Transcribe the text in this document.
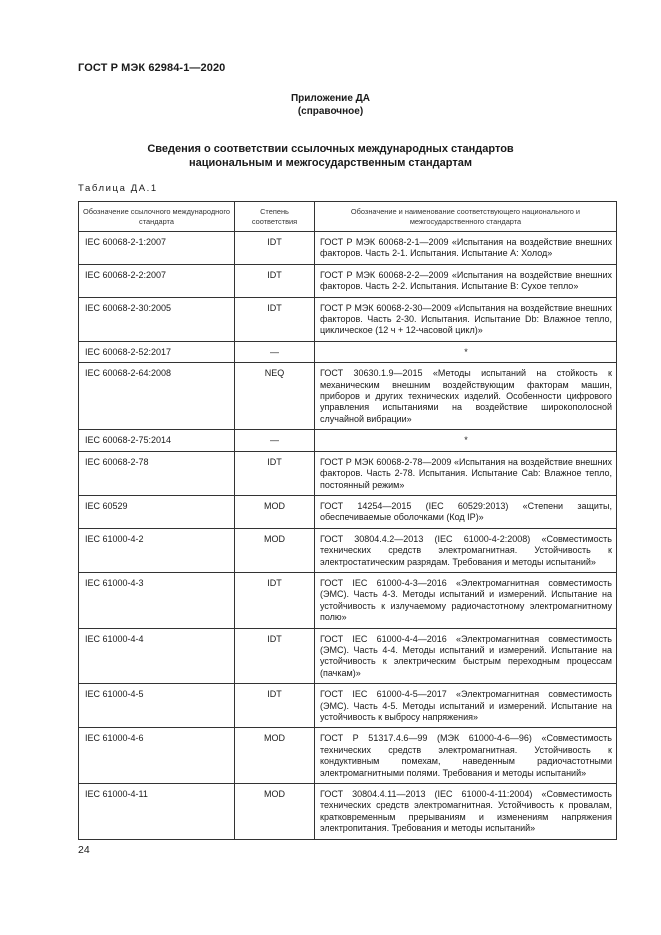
ГОСТ Р МЭК 62984-1—2020
Приложение ДА
(справочное)
Сведения о соответствии ссылочных международных стандартов
национальным и межгосударственным стандартам
Таблица ДА.1
Обозначение ссылочного международного стандарта	Степень соответствия	Обозначение и наименование соответствующего национального и межгосударственного стандарта
IEC 60068-2-1:2007	IDT	ГОСТ Р МЭК 60068-2-1—2009 «Испытания на воздействие внешних факторов. Часть 2-1. Испытания. Испытание A: Холод»
IEC 60068-2-2:2007	IDT	ГОСТ Р МЭК 60068-2-2—2009 «Испытания на воздействие внешних факторов. Часть 2-2. Испытания. Испытание B: Сухое тепло»
IEC 60068-2-30:2005	IDT	ГОСТ Р МЭК 60068-2-30—2009 «Испытания на воздействие внешних факторов. Часть 2-30. Испытания. Испытание Db: Влажное тепло, циклическое (12 ч + 12-часовой цикл)»
IEC 60068-2-52:2017	—	*
IEC 60068-2-64:2008	NEQ	ГОСТ 30630.1.9—2015 «Методы испытаний на стойкость к механическим внешним воздействующим факторам машин, приборов и других технических изделий. Особенности цифрового управления испытаниями на воздействие широкополосной случайной вибрации»
IEC 60068-2-75:2014	—	*
IEC 60068-2-78	IDT	ГОСТ Р МЭК 60068-2-78—2009 «Испытания на воздействие внешних факторов. Часть 2-78. Испытания. Испытание Cab: Влажное тепло, постоянный режим»
IEC 60529	MOD	ГОСТ 14254—2015 (IEC 60529:2013) «Степени защиты, обеспечиваемые оболочками (Код IP)»
IEC 61000-4-2	MOD	ГОСТ 30804.4.2—2013 (IEC 61000-4-2:2008) «Совместимость технических средств электромагнитная. Устойчивость к электростатическим разрядам. Требования и методы испытаний»
IEC 61000-4-3	IDT	ГОСТ IEC 61000-4-3—2016 «Электромагнитная совместимость (ЭМС). Часть 4-3. Методы испытаний и измерений. Испытание на устойчивость к излучаемому радиочастотному электромагнитному полю»
IEC 61000-4-4	IDT	ГОСТ IEC 61000-4-4—2016 «Электромагнитная совместимость (ЭМС). Часть 4-4. Методы испытаний и измерений. Испытание на устойчивость к электрическим быстрым переходным процессам (пачкам)»
IEC 61000-4-5	IDT	ГОСТ IEC 61000-4-5—2017 «Электромагнитная совместимость (ЭМС). Часть 4-5. Методы испытаний и измерений. Испытание на устойчивость к выбросу напряжения»
IEC 61000-4-6	MOD	ГОСТ Р 51317.4.6—99 (МЭК 61000-4-6—96) «Совместимость технических средств электромагнитная. Устойчивость к кондуктивным помехам, наведенным радиочастотными электромагнитными полями. Требования и методы испытаний»
IEC 61000-4-11	MOD	ГОСТ 30804.4.11—2013 (IEC 61000-4-11:2004) «Совместимость технических средств электромагнитная. Устойчивость к провалам, кратковременным прерываниям и изменениям напряжения электропитания. Требования и методы испытаний»
24
